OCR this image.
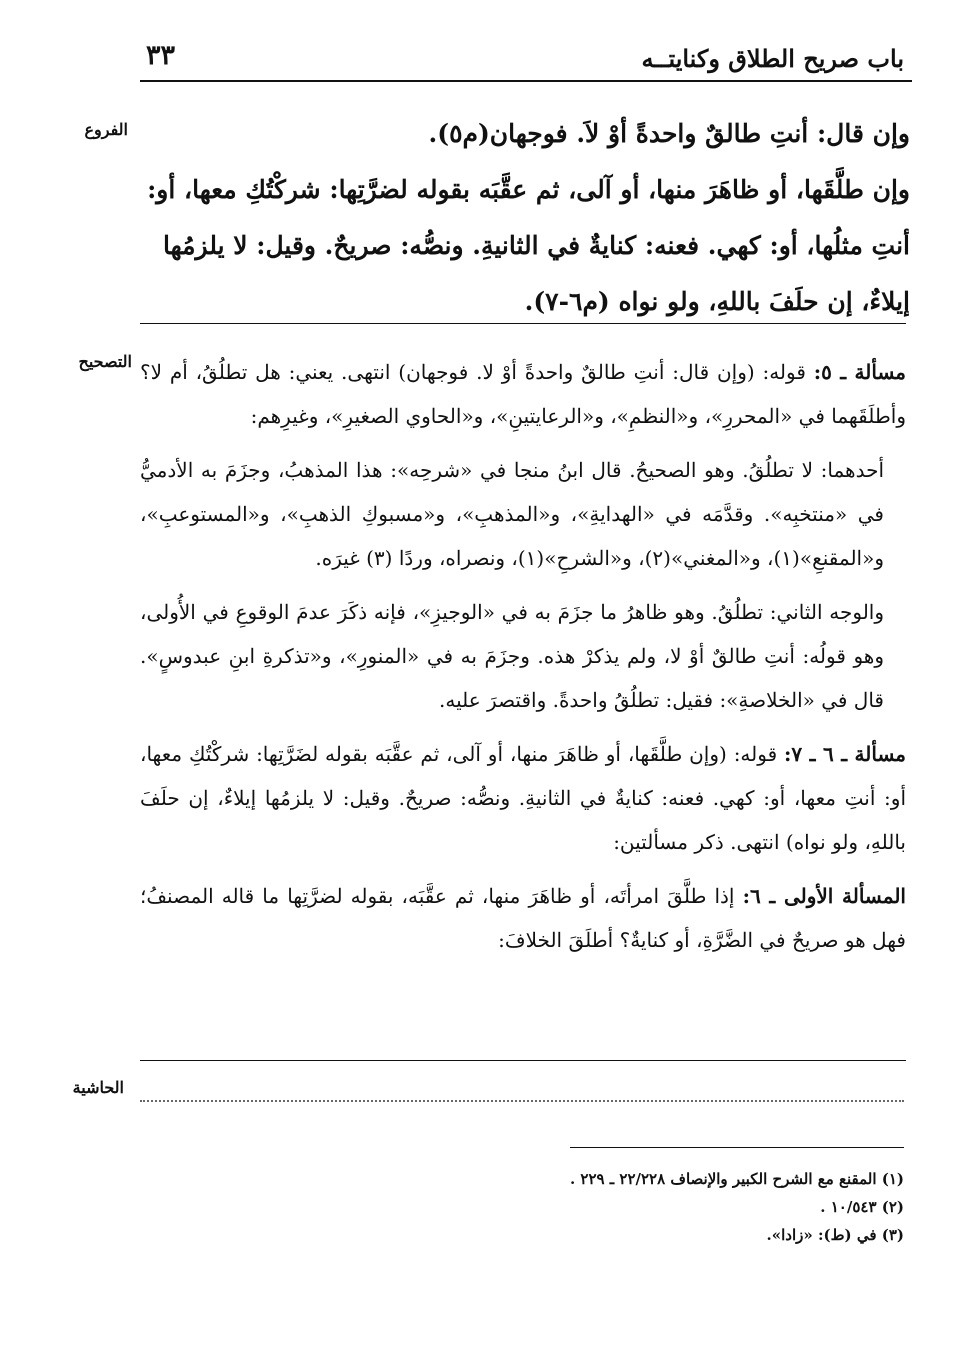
٣٣	باب صريح الطلاق وكنايتــه
الفروع
التصحيح
الحاشية

وإن قال: أنتِ طالقٌ واحدةً أوْ لاَ. فوجهان(م٥).

وإن طلَّقَها، أو ظاهَرَ منها، أو آلى، ثم عقَّبَه بقوله لضرَّتِها: شركْتُكِ معها، أو: أنتِ مثلُها، أو: كهي. فعنه: كنايةٌ في الثانيةِ. ونصُّه: صريحٌ. وقيل: لا يلزمُها إيلاءٌ، إن حلَفَ باللهِ، ولو نواه (م٦-٧).

مسألة ـ ٥: قوله: (وإن قال: أنتِ طالقٌ واحدةً أوْ لا. فوجهان) انتهى. يعني: هل تطلُقُ، أم لا؟ وأطلَقَهما في «المحررِ»، و«النظمِ»، و«الرعايتينِ»، و«الحاوي الصغيرِ»، وغيرِهم:

أحدهما: لا تطلُقُ. وهو الصحيحُ. قال ابنُ منجا في «شرحِه»: هذا المذهبُ، وجزَمَ به الأدميُّ في «منتخبِه». وقدَّمَه في «الهدايةِ»، و«المذهبِ»، و«مسبوكِ الذهبِ»، و«المستوعبِ»، و«المقنعِ»(١)، و«المغني»(٢)، و«الشرحِ»(١)، ونصراه، وردًا (٣) غيرَه.

والوجه الثاني: تطلُقُ. وهو ظاهرُ ما جزَمَ به في «الوجيزِ»، فإنه ذكَرَ عدمَ الوقوعِ في الأُولى، وهو قولُه: أنتِ طالقٌ أوْ لا، ولم يذكرْ هذه. وجزَمَ به في «المنورِ»، و«تذكرةِ ابنِ عبدوسٍ». قال في «الخلاصةِ»: فقيل: تطلُقُ واحدةً. واقتصرَ عليه.

مسألة ـ ٦ ـ ٧: قوله: (وإن طلَّقَها، أو ظاهَرَ منها، أو آلى، ثم عقَّبَه بقوله لضَرَّتِها: شركْتُكِ معها، أو: أنتِ معها، أو: كهي. فعنه: كنايةٌ في الثانيةِ. ونصُّه: صريحٌ. وقيل: لا يلزمُها إيلاءٌ، إن حلَفَ باللهِ، ولو نواه) انتهى. ذكر مسألتين:

المسألة الأولى ـ ٦: إذا طلَّقَ امرأتَه، أو ظاهَرَ منها، ثم عقَّبَه، بقوله لضرَّتِها ما قاله المصنفُ؛ فهل هو صريحٌ في الضَّرَّةِ، أو كنايةٌ؟ أطلَقَ الخلافَ:

(١) المقنع مع الشرح الكبير والإنصاف ٢٢/٢٢٨ ـ ٢٢٩ .
(٢) ١٠/٥٤٣ .
(٣) في (ط): «زادا».
